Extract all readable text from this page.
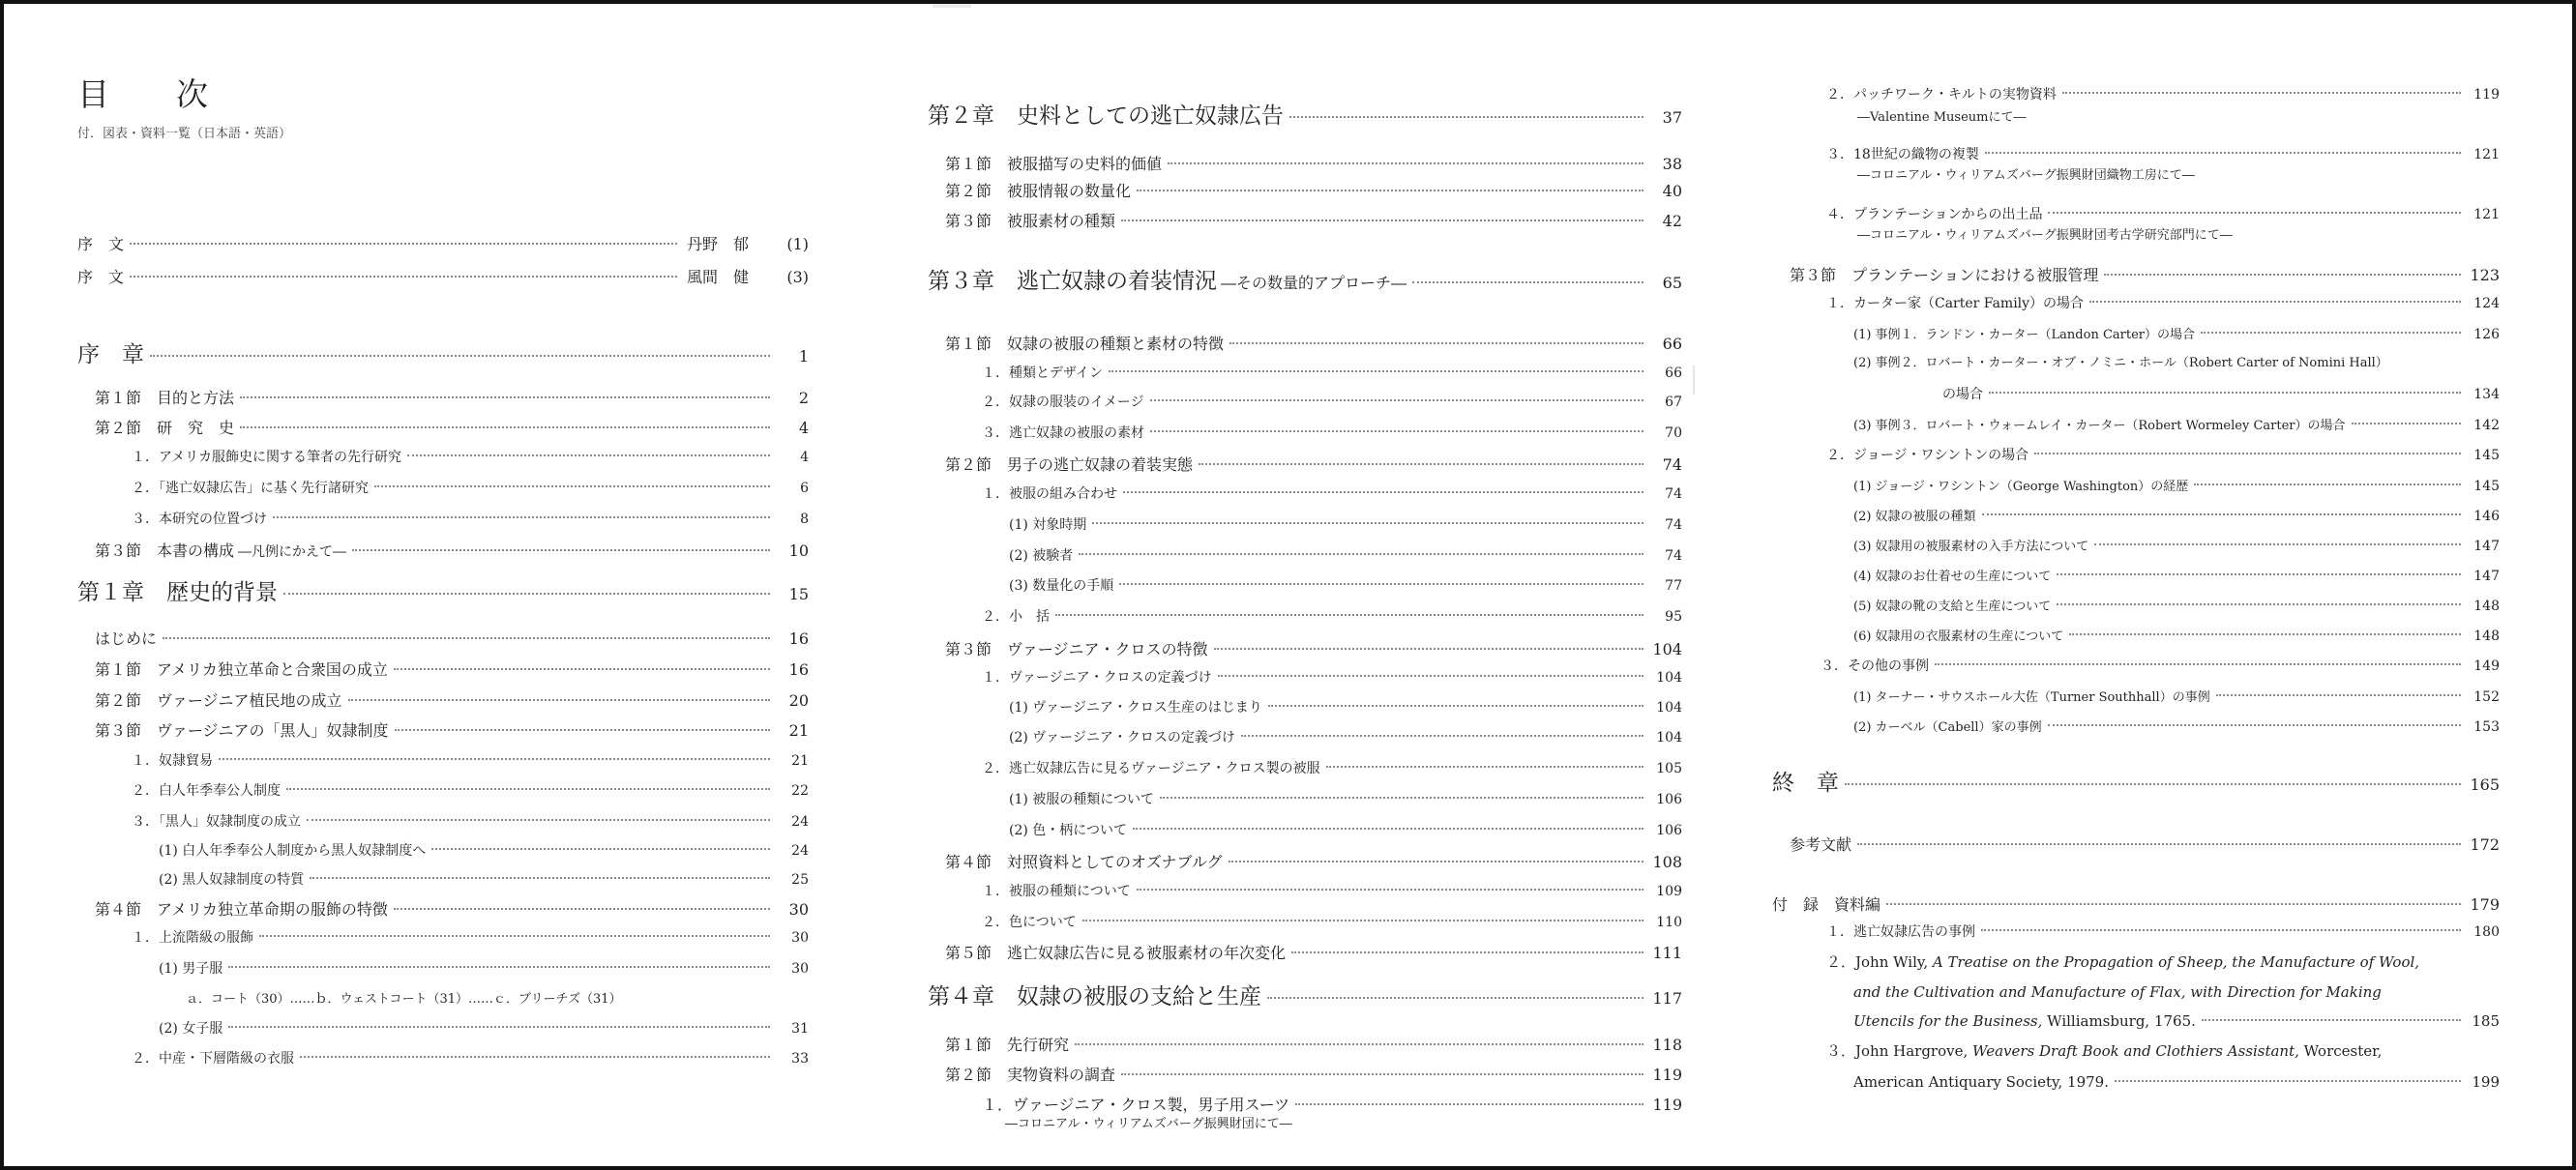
目　次
付．図表・資料一覧（日本語・英語）
序　文	丹野　郁	(1)
序　文	風間　健	(3)
序　章	1
第１節　目的と方法	2
第２節　研　究　史	4
１．アメリカ服飾史に関する筆者の先行研究	4
２．「逃亡奴隷広告」に基く先行諸研究	6
３．本研究の位置づけ	8
第３節　本書の構成 ―凡例にかえて―	10
第１章　歴史的背景	15
はじめに	16
第１節　アメリカ独立革命と合衆国の成立	16
第２節　ヴァージニア植民地の成立	20
第３節　ヴァージニアの「黒人」奴隷制度	21
１．奴隷貿易	21
２．白人年季奉公人制度	22
３．「黒人」奴隷制度の成立	24
(1) 白人年季奉公人制度から黒人奴隷制度へ	24
(2) 黒人奴隷制度の特質	25
第４節　アメリカ独立革命期の服飾の特徴	30
１．上流階級の服飾	30
(1) 男子服	30
ａ．コート（30）……ｂ．ウェストコート（31）……ｃ．ブリーチズ（31）
(2) 女子服	31
２．中産・下層階級の衣服	33
第２章　史料としての逃亡奴隷広告	37
第１節　被服描写の史料的価値	38
第２節　被服情報の数量化	40
第３節　被服素材の種類	42
第３章　逃亡奴隷の着装情況 ―その数量的アプローチ―	65
第１節　奴隷の被服の種類と素材の特徴	66
１．種類とデザイン	66
２．奴隷の服装のイメージ	67
３．逃亡奴隷の被服の素材	70
第２節　男子の逃亡奴隷の着装実態	74
１．被服の組み合わせ	74
(1) 対象時期	74
(2) 被験者	74
(3) 数量化の手順	77
２．小　括	95
第３節　ヴァージニア・クロスの特徴	104
１．ヴァージニア・クロスの定義づけ	104
(1) ヴァージニア・クロス生産のはじまり	104
(2) ヴァージニア・クロスの定義づけ	104
２．逃亡奴隷広告に見るヴァージニア・クロス製の被服	105
(1) 被服の種類について	106
(2) 色・柄について	106
第４節　対照資料としてのオズナブルグ	108
１．被服の種類について	109
２．色について	110
第５節　逃亡奴隷広告に見る被服素材の年次変化	111
第４章　奴隷の被服の支給と生産	117
第１節　先行研究	118
第２節　実物資料の調査	119
１．ヴァージニア・クロス製，男子用スーツ	119
―コロニアル・ウィリアムズバーグ振興財団にて―
２．パッチワーク・キルトの実物資料	119
―Valentine Museumにて―
３．18世紀の織物の複製	121
―コロニアル・ウィリアムズバーグ振興財団織物工房にて―
４．プランテーションからの出土品	121
―コロニアル・ウィリアムズバーグ振興財団考古学研究部門にて―
第３節　プランテーションにおける被服管理	123
１．カーター家（Carter Family）の場合	124
(1) 事例１．ランドン・カーター（Landon Carter）の場合	126
(2) 事例２．ロバート・カーター・オブ・ノミニ・ホール（Robert Carter of Nomini Hall）
の場合	134
(3) 事例３．ロバート・ウォームレイ・カーター（Robert Wormeley Carter）の場合	142
２．ジョージ・ワシントンの場合	145
(1) ジョージ・ワシントン（George Washington）の経歴	145
(2) 奴隷の被服の種類	146
(3) 奴隷用の被服素材の入手方法について	147
(4) 奴隷のお仕着せの生産について	147
(5) 奴隷の靴の支給と生産について	148
(6) 奴隷用の衣服素材の生産について	148
３．その他の事例	149
(1) ターナー・サウスホール大佐（Turner Southhall）の事例	152
(2) カーベル（Cabell）家の事例	153
終　章	165
参考文献	172
付　録　資料編	179
１．逃亡奴隷広告の事例	180
２．John Wily, A Treatise on the Propagation of Sheep, the Manufacture of Wool,
and the Cultivation and Manufacture of Flax, with Direction for Making
Utencils for the Business, Williamsburg, 1765.	185
３．John Hargrove, Weavers Draft Book and Clothiers Assistant, Worcester,
American Antiquary Society, 1979.	199
